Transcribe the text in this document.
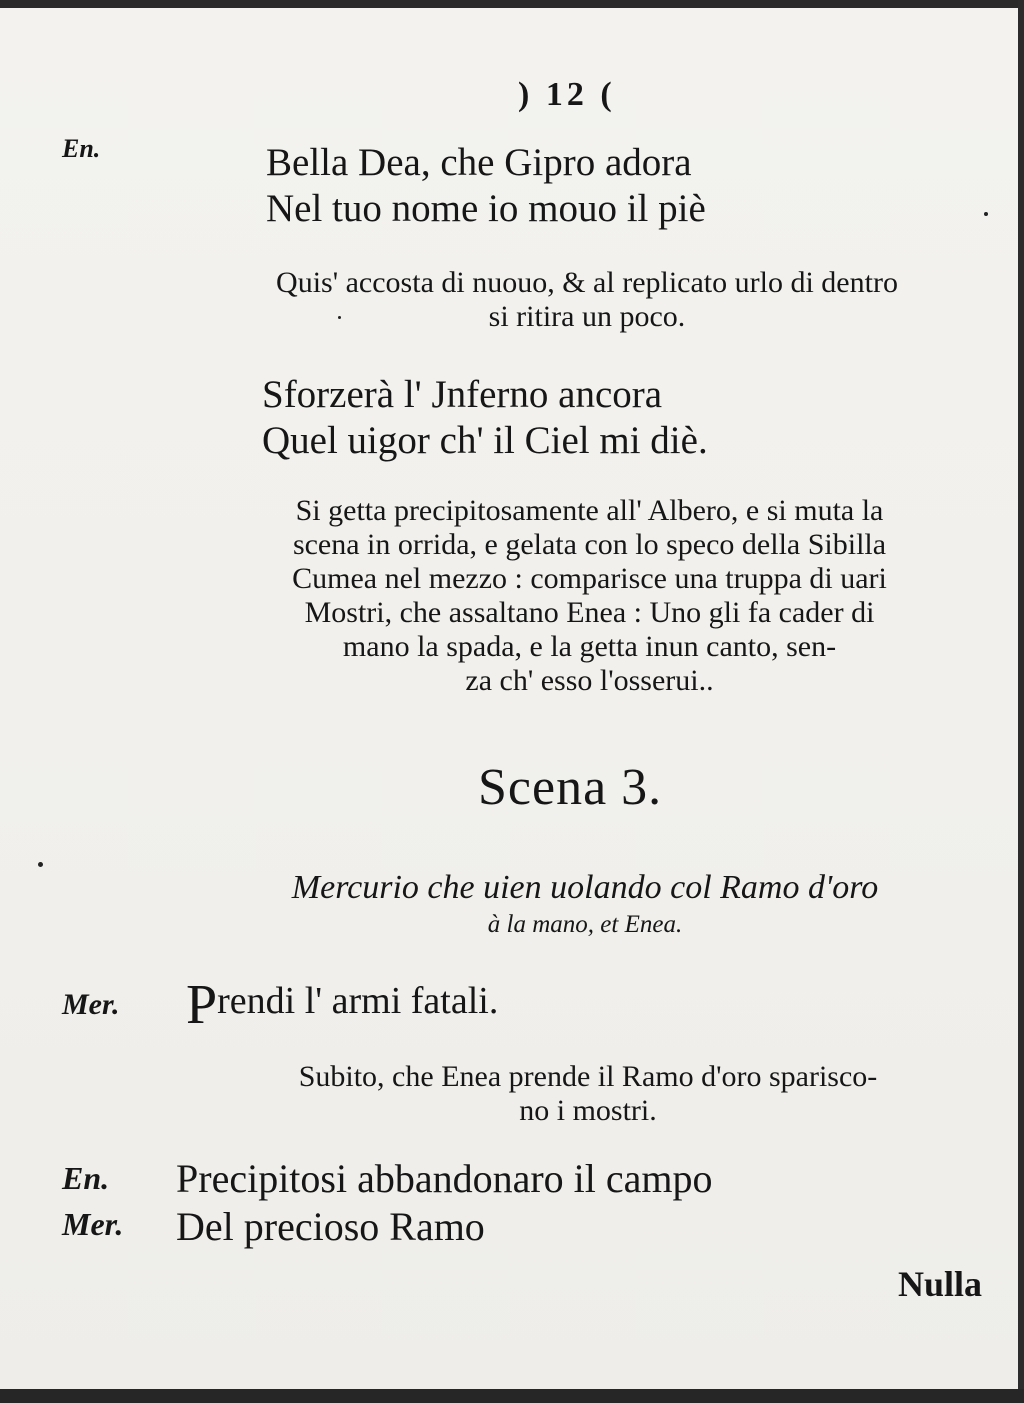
) 12 (

En.	Bella Dea, che Gipro adora
Nel tuo nome io mouo il piè
Quis' accosta di nuouo, & al replicato urlo di dentro
si ritira un poco.
Sforzerà l' Jnferno ancora
Quel uigor ch' il Ciel mi diè.
Si getta precipitosamente all' Albero, e si muta la
scena in orrida, e gelata con lo speco della Sibilla
Cumea nel mezzo : comparisce una truppa di uari
Mostri, che assaltano Enea : Uno gli fa cader di
mano la spada, e la getta inun canto, sen-
za ch' esso l'osserui..
Scena 3.
Mercurio che uien uolando col Ramo d'oro
à la mano, et Enea.
Mer. Prendi l' armi fatali.
Subito, che Enea prende il Ramo d'oro sparisco-
no i mostri.
En. Precipitosi abbandonaro il campo
Mer. Del precioso Ramo
Nulla
